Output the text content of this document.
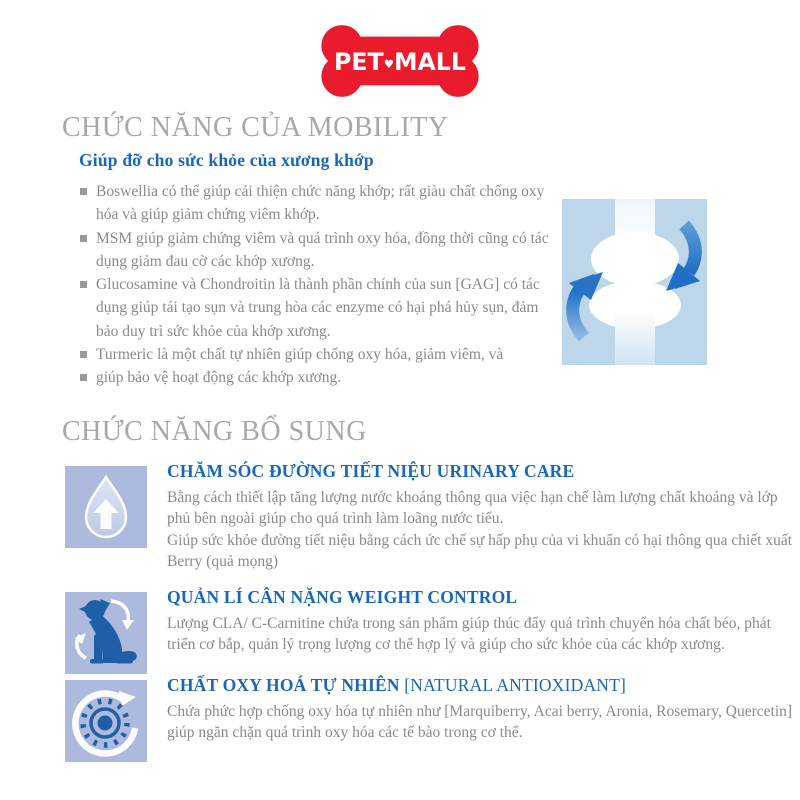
PET♥MALL
CHỨC NĂNG CỦA MOBILITY
Giúp đỡ cho sức khỏe của xương khớp
Boswellia có thể giúp cải thiện chức năng khớp; rất giàu chất chống oxy hóa và giúp giảm chứng viêm khớp.
MSM giúp giảm chứng viêm và quá trình oxy hóa, đồng thời cũng có tác dụng giảm đau cờ các khớp xương.
Glucosamine và Chondroitin là thành phần chính của sun [GAG] có tác dụng giúp tái tạo sụn và trung hòa các enzyme có hại phá hủy sụn, đảm bảo duy trì sức khỏe của khớp xương.
Turmeric là một chất tự nhiên giúp chống oxy hóa, giảm viêm, và
giúp bảo vệ hoạt động các khớp xương.
CHỨC NĂNG BỔ SUNG
CHĂM SÓC ĐƯỜNG TIẾT NIỆU URINARY CARE

Bằng cách thiết lập tăng lượng nước khoáng thông qua việc hạn chế làm lượng chất khoáng và lớp phủ bên ngoài giúp cho quá trình làm loãng nước tiểu.

Giúp sức khỏe đường tiết niệu bằng cách ức chế sự hấp phụ của vi khuẩn có hại thông qua chiết xuất Berry (quả mọng)

QUẢN LÍ CÂN NẶNG WEIGHT CONTROL

Lượng CLA/ C-Carnitine chứa trong sản phẩm giúp thúc đẩy quá trình chuyển hóa chất béo, phát triển cơ bắp, quản lý trọng lượng cơ thể hợp lý và giúp cho sức khỏe của các khớp xương.

CHẤT OXY HOÁ TỰ NHIÊN [NATURAL ANTIOXIDANT]

Chứa phức hợp chống oxy hóa tự nhiên như [Marquiberry, Acai berry, Aronia, Rosemary, Quercetin] giúp ngăn chặn quá trình oxy hóa các tế bào trong cơ thể.
